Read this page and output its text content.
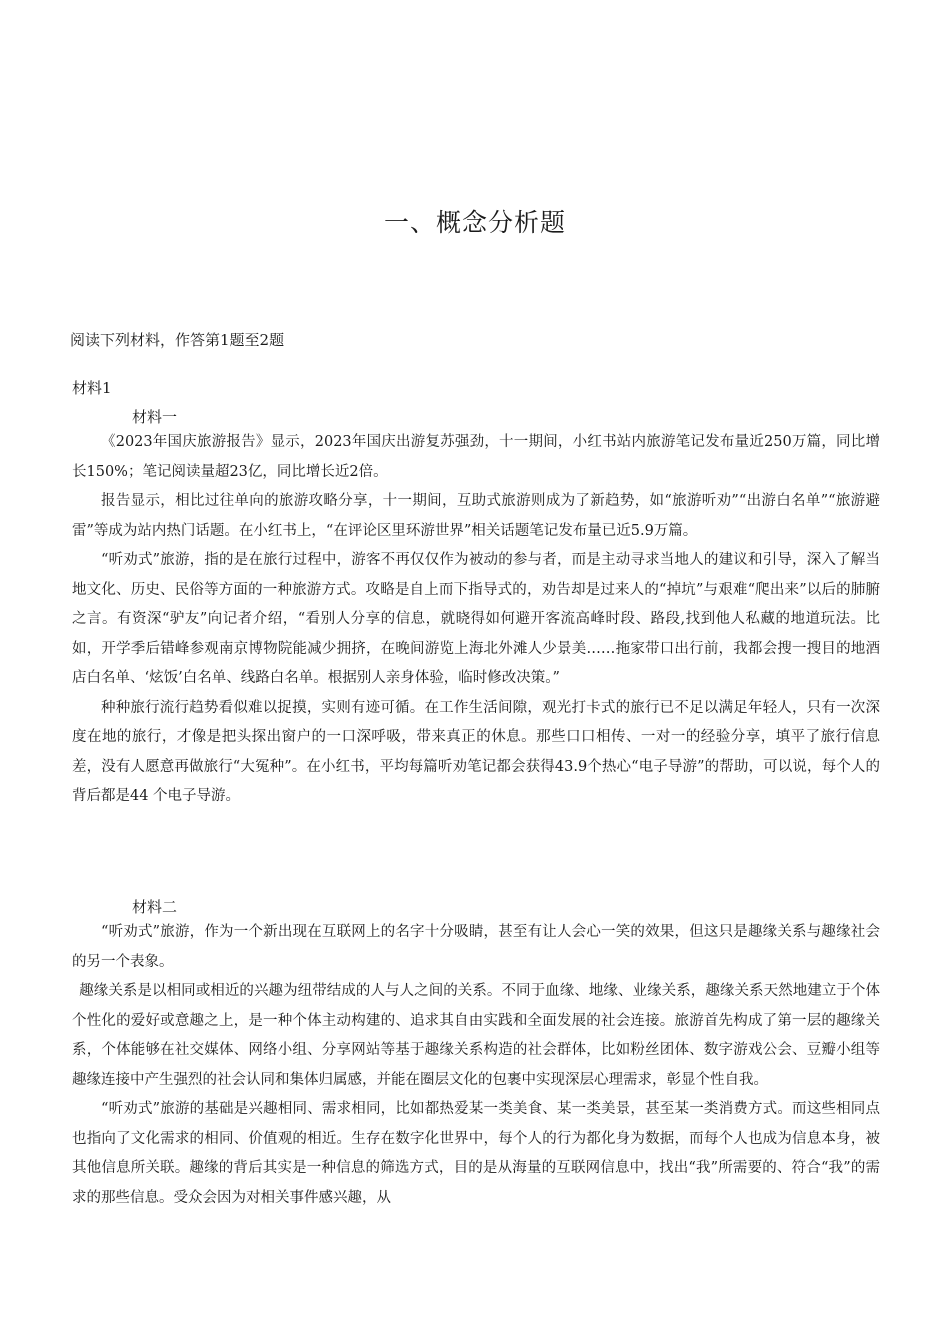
一、概念分析题
阅读下列材料，作答第1题至2题
材料1
材料一

《2023年国庆旅游报告》显示，2023年国庆出游复苏强劲，十一期间，小红书站内旅游笔记发布量近250万篇，同比增长150%；笔记阅读量超23亿，同比增长近2倍。

报告显示，相比过往单向的旅游攻略分享，十一期间，互助式旅游则成为了新趋势，如“旅游听劝”“出游白名单”“旅游避雷”等成为站内热门话题。在小红书上，“在评论区里环游世界”相关话题笔记发布量已近5.9万篇。

“听劝式”旅游，指的是在旅行过程中，游客不再仅仅作为被动的参与者，而是主动寻求当地人的建议和引导，深入了解当地文化、历史、民俗等方面的一种旅游方式。攻略是自上而下指导式的，劝告却是过来人的“掉坑”与艰难“爬出来”以后的肺腑之言。有资深“驴友”向记者介绍，“看别人分享的信息，就晓得如何避开客流高峰时段、路段,找到他人私藏的地道玩法。比如，开学季后错峰参观南京博物院能减少拥挤，在晚间游览上海北外滩人少景美……拖家带口出行前，我都会搜一搜目的地酒店白名单、‘炫饭’白名单、线路白名单。根据别人亲身体验，临时修改决策。”

种种旅行流行趋势看似难以捉摸，实则有迹可循。在工作生活间隙，观光打卡式的旅行已不足以满足年轻人，只有一次深度在地的旅行，才像是把头探出窗户的一口深呼吸，带来真正的休息。那些口口相传、一对一的经验分享，填平了旅行信息差，没有人愿意再做旅行“大冤种”。在小红书，平均每篇听劝笔记都会获得43.9个热心“电子导游”的帮助，可以说，每个人的背后都是44 个电子导游。

材料二

“听劝式”旅游，作为一个新出现在互联网上的名字十分吸睛，甚至有让人会心一笑的效果，但这只是趣缘关系与趣缘社会的另一个表象。

趣缘关系是以相同或相近的兴趣为纽带结成的人与人之间的关系。不同于血缘、地缘、业缘关系，趣缘关系天然地建立于个体个性化的爱好或意趣之上，是一种个体主动构建的、追求其自由实践和全面发展的社会连接。旅游首先构成了第一层的趣缘关系，个体能够在社交媒体、网络小组、分享网站等基于趣缘关系构造的社会群体，比如粉丝团体、数字游戏公会、豆瓣小组等趣缘连接中产生强烈的社会认同和集体归属感，并能在圈层文化的包裹中实现深层心理需求，彰显个性自我。

“听劝式”旅游的基础是兴趣相同、需求相同，比如都热爱某一类美食、某一类美景，甚至某一类消费方式。而这些相同点也指向了文化需求的相同、价值观的相近。生存在数字化世界中，每个人的行为都化身为数据，而每个人也成为信息本身，被其他信息所关联。趣缘的背后其实是一种信息的筛选方式，目的是从海量的互联网信息中，找出“我”所需要的、符合“我”的需求的那些信息。受众会因为对相关事件感兴趣，从
